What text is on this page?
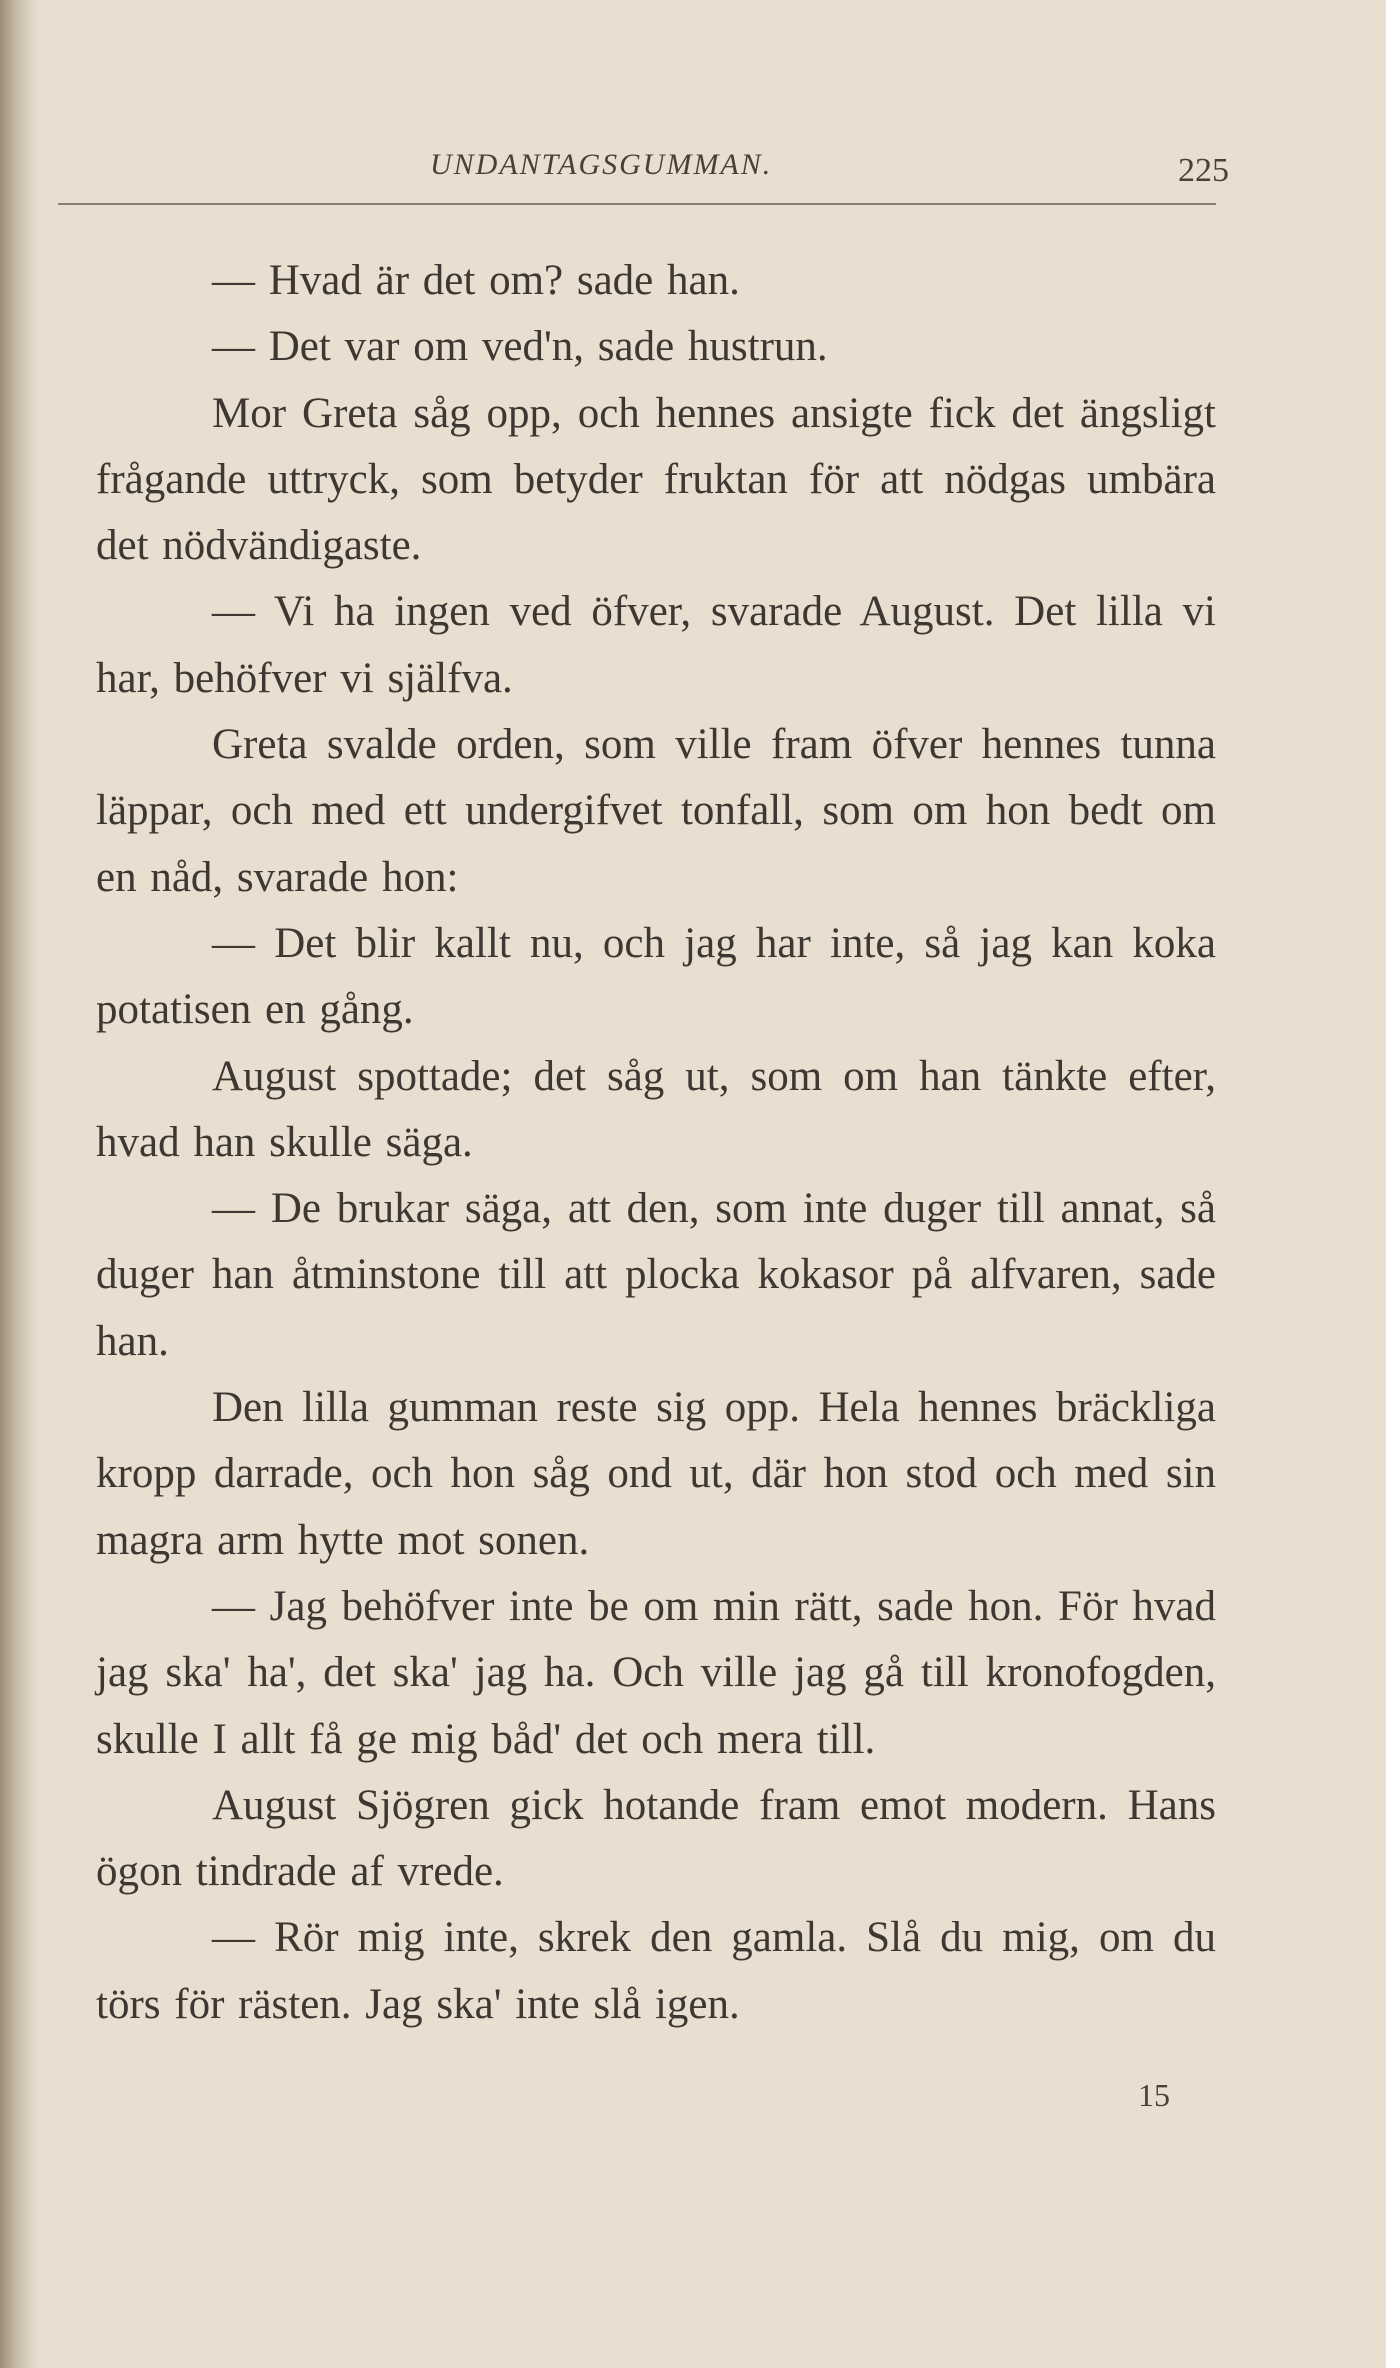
UNDANTAGSGUMMAN.	225

— Hvad är det om? sade han.

— Det var om ved'n, sade hustrun.

Mor Greta såg opp, och hennes ansigte fick det ängsligt frågande uttryck, som betyder fruktan för att nödgas umbära det nödvändigaste.

— Vi ha ingen ved öfver, svarade August. Det lilla vi har, behöfver vi själfva.

Greta svalde orden, som ville fram öfver hennes tunna läppar, och med ett undergifvet tonfall, som om hon bedt om en nåd, svarade hon:

— Det blir kallt nu, och jag har inte, så jag kan koka potatisen en gång.

August spottade; det såg ut, som om han tänkte efter, hvad han skulle säga.

— De brukar säga, att den, som inte duger till annat, så duger han åtminstone till att plocka kokasor på alfvaren, sade han.

Den lilla gumman reste sig opp. Hela hennes bräckliga kropp darrade, och hon såg ond ut, där hon stod och med sin magra arm hytte mot sonen.

— Jag behöfver inte be om min rätt, sade hon. För hvad jag ska' ha', det ska' jag ha. Och ville jag gå till kronofogden, skulle I allt få ge mig båd' det och mera till.

August Sjögren gick hotande fram emot modern. Hans ögon tindrade af vrede.

— Rör mig inte, skrek den gamla. Slå du mig, om du törs för rästen. Jag ska' inte slå igen.

15
